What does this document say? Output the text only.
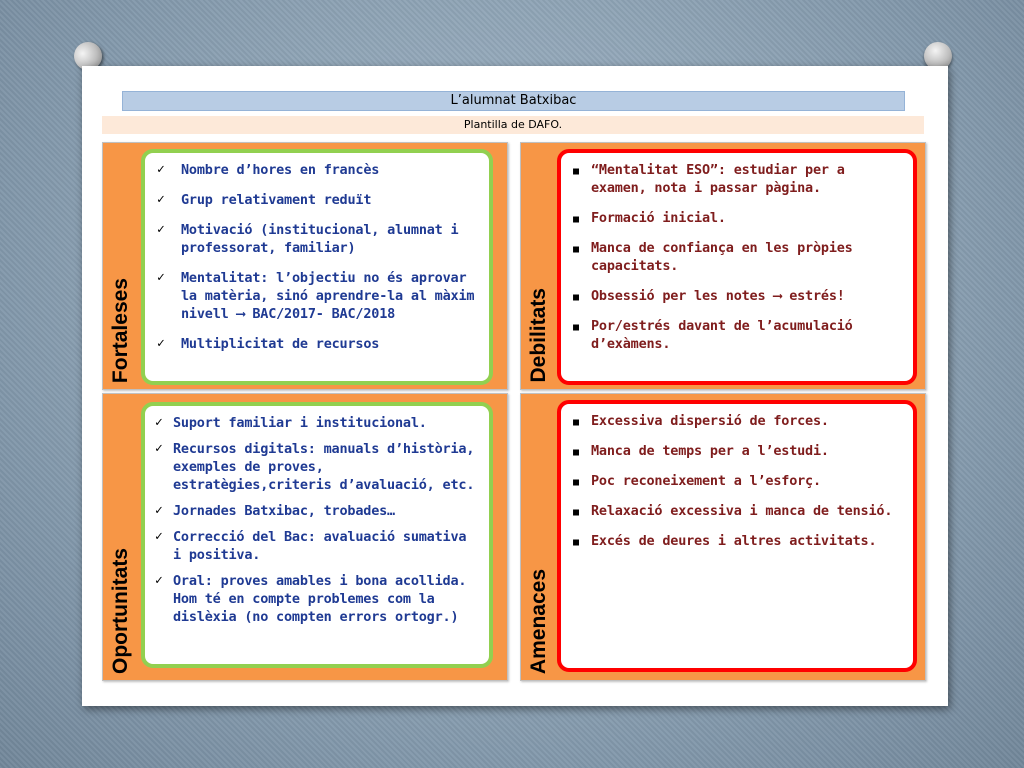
L’alumnat Batxibac
Plantilla de DAFO.
Fortaleses
✓ Nombre d’hores en francès
✓ Grup relativament reduït
✓ Motivació (institucional, alumnat i professorat, familiar)
✓ Mentalitat: l’objectiu no és aprovar la matèria, sinó aprendre-la al màxim nivell ⟶ BAC/2017- BAC/2018
✓ Multiplicitat de recursos	Debilitats
■ “Mentalitat ESO”: estudiar per a examen, nota i passar pàgina.
■ Formació inicial.
■ Manca de confiança en les pròpies capacitats.
■ Obsessió per les notes ⟶ estrés!
■ Por/estrés davant de l’acumulació d’exàmens.
Oportunitats
✓ Suport familiar i institucional.
✓ Recursos digitals: manuals d’història, exemples de proves, estratègies,criteris d’avaluació, etc.
✓ Jornades Batxibac, trobades…
✓ Correcció del Bac: avaluació sumativa i positiva.
✓ Oral: proves amables i bona acollida. Hom té en compte problemes com la dislèxia (no compten errors ortogr.)	Amenaces
■ Excessiva dispersió de forces.
■ Manca de temps per a l’estudi.
■ Poc reconeixement a l’esforç.
■ Relaxació excessiva i manca de tensió.
■ Excés de deures i altres activitats.
